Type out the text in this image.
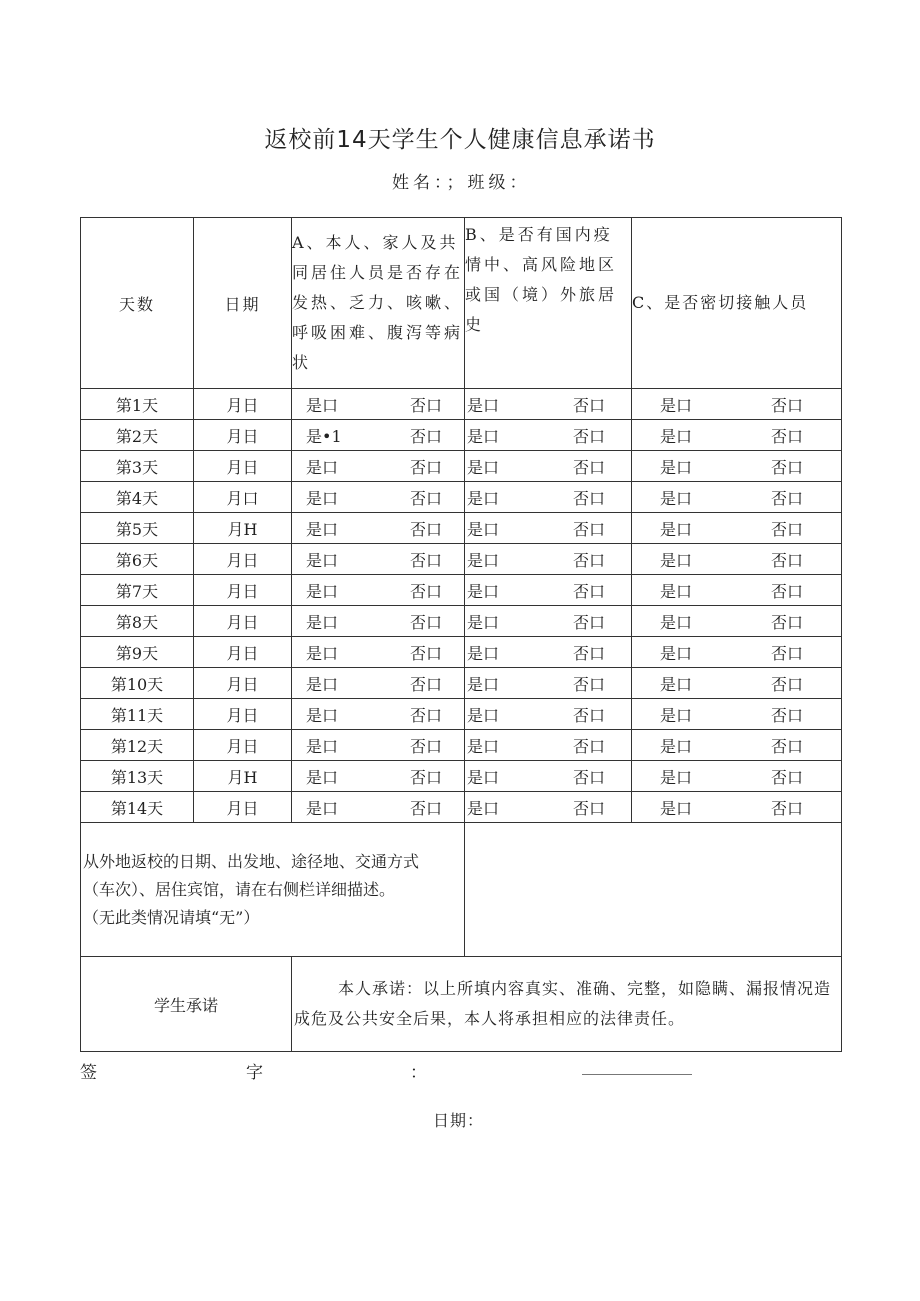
返校前14天学生个人健康信息承诺书
姓名：；班级：
天数	日期	A、本人、家人及共同居住人员是否存在发热、乏力、咳嗽、呼吸困难、腹泻等病状	B、是否有国内疫情中、高风险地区或国（境）外旅居史	C、是否密切接触人员
第1天	月日	是口 否口	是口 否口	是口 否口

第2天	月日	是•1 否口	是口 否口	是口 否口

第3天	月日	是口 否口	是口 否口	是口 否口

第4天	月口	是口 否口	是口 否口	是口 否口

第5天	月H	是口 否口	是口 否口	是口 否口

第6天	月日	是口 否口	是口 否口	是口 否口

第7天	月日	是口 否口	是口 否口	是口 否口

第8天	月日	是口 否口	是口 否口	是口 否口

第9天	月日	是口 否口	是口 否口	是口 否口

第10天	月日	是口 否口	是口 否口	是口 否口

第11天	月日	是口 否口	是口 否口	是口 否口

第12天	月日	是口 否口	是口 否口	是口 否口

第13天	月H	是口 否口	是口 否口	是口 否口

第14天	月日	是口 否口	是口 否口	是口 否口

从外地返校的日期、出发地、途径地、交通方式
（车次）、居住宾馆，请在右侧栏详细描述。
（无此类情况请填“无”）				

学生承诺		本人承诺：以上所填内容真实、准确、完整，如隐瞒、漏报情况造成危及公共安全后果，本人将承担相应的法律责任。		
签	字	：
日期：
